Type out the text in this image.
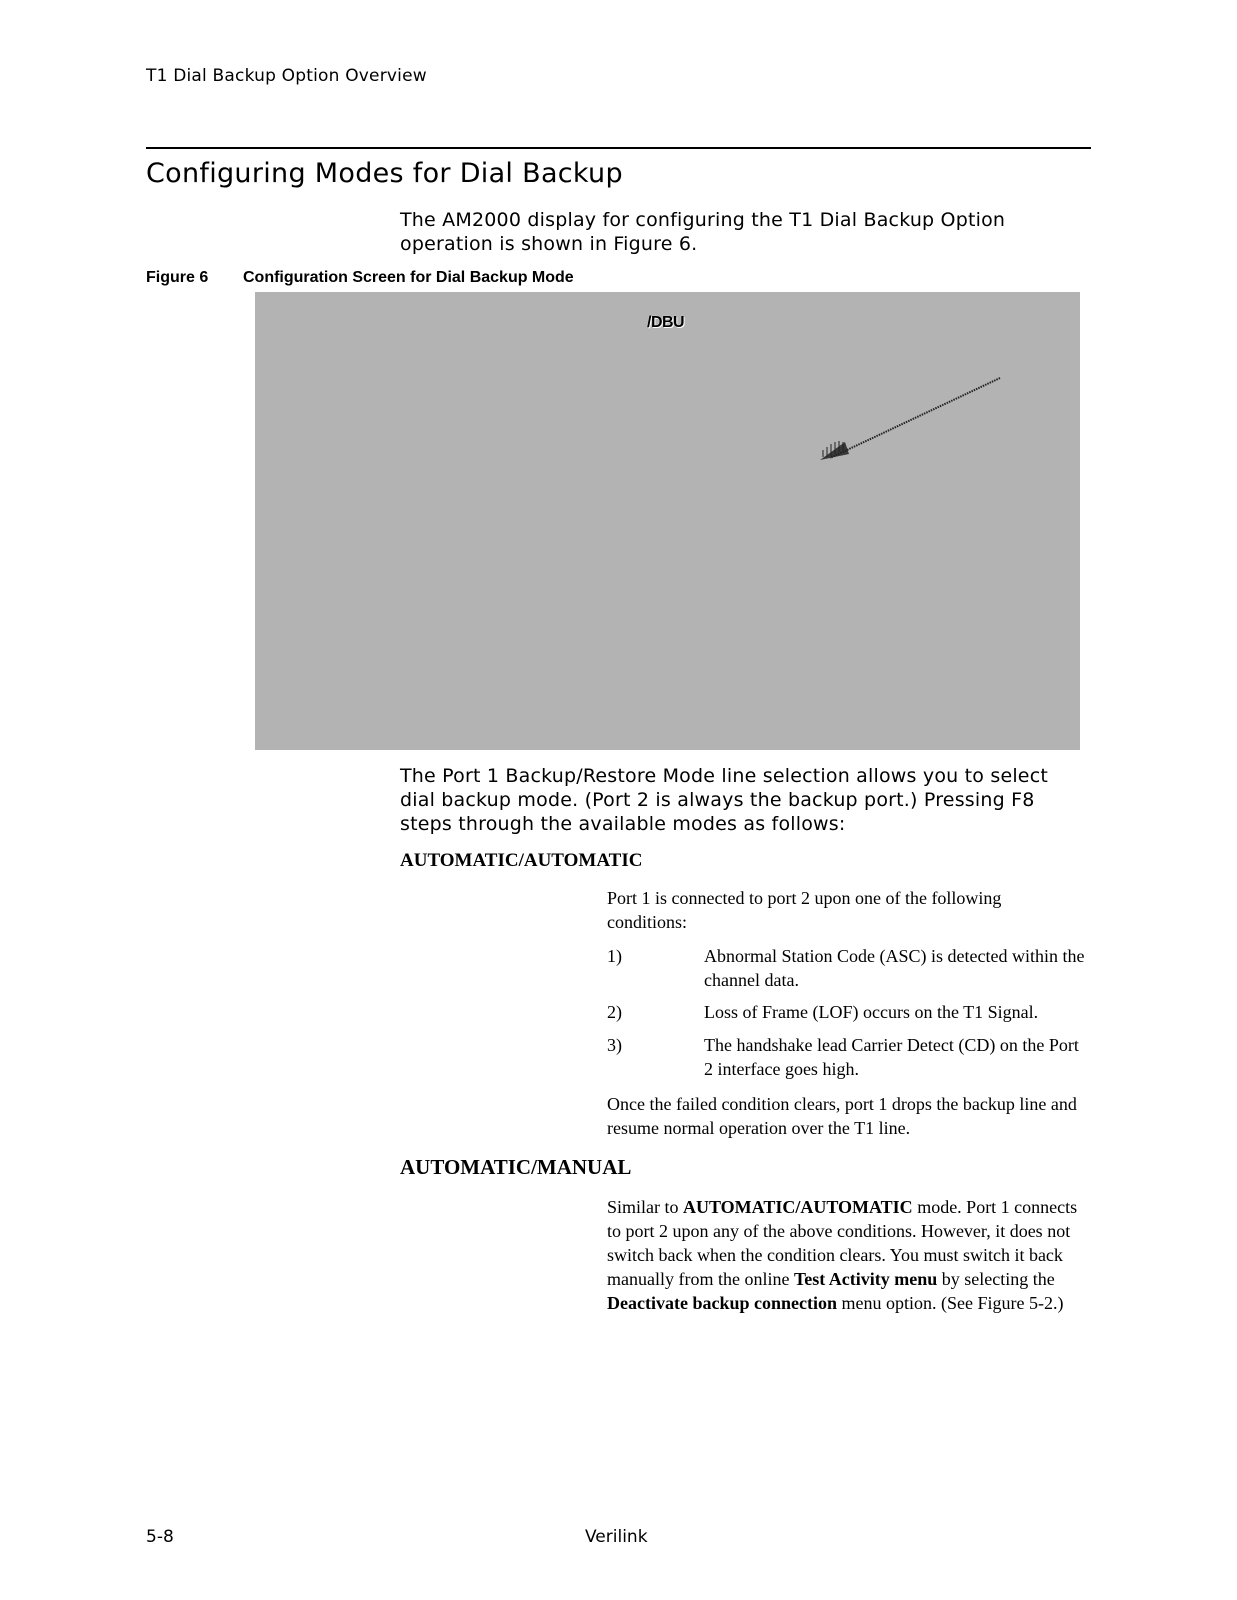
T1 Dial Backup Option Overview
Configuring Modes for Dial Backup
The AM2000 display for configuring the T1 Dial Backup Option operation is shown in Figure 6.
Figure 6 Configuration Screen for Dial Backup Mode
/DBU
The Port 1 Backup/Restore Mode line selection allows you to select dial backup mode. (Port 2 is always the backup port.) Pressing F8 steps through the available modes as follows:
AUTOMATIC/AUTOMATIC
Port 1 is connected to port 2 upon one of the following conditions:
1)	Abnormal Station Code (ASC) is detected within the channel data.
2)	Loss of Frame (LOF) occurs on the T1 Signal.
3)	The handshake lead Carrier Detect (CD) on the Port 2 interface goes high.
Once the failed condition clears, port 1 drops the backup line and resume normal operation over the T1 line.
AUTOMATIC/MANUAL
Similar to AUTOMATIC/AUTOMATIC mode. Port 1 connects to port 2 upon any of the above conditions. However, it does not switch back when the condition clears. You must switch it back manually from the online Test Activity menu by selecting the Deactivate backup connection menu option. (See Figure 5-2.)
5-8	Verilink
